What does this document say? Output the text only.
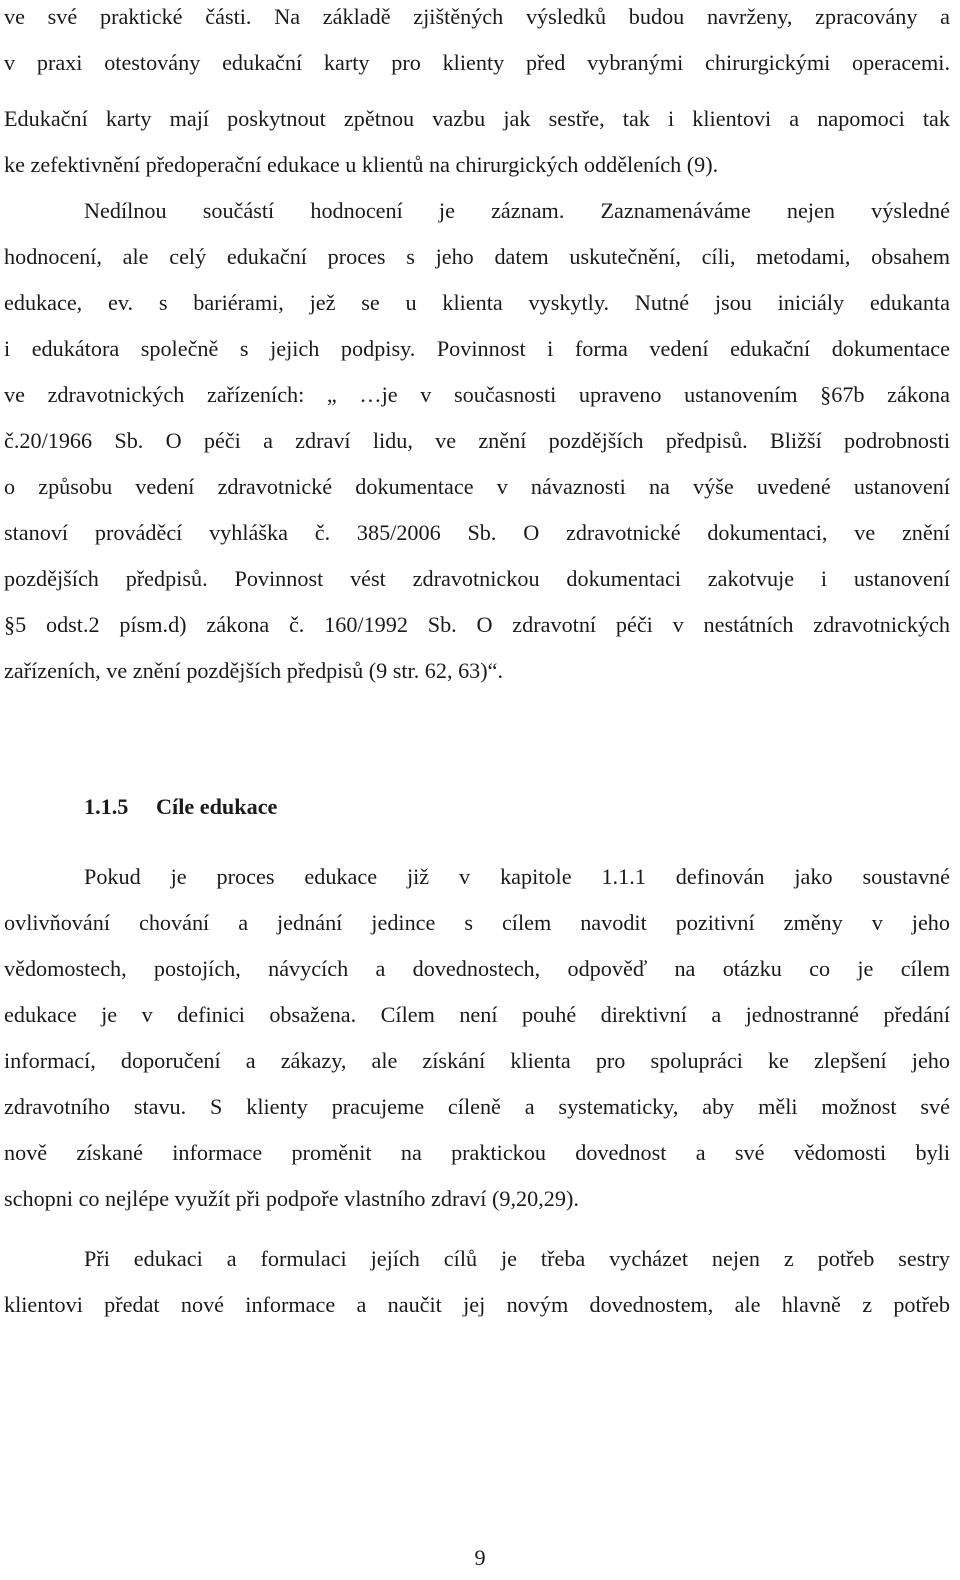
ve své praktické části. Na základě zjištěných výsledků budou navrženy, zpracovány a
v praxi otestovány edukační karty pro klienty před vybranými chirurgickými operacemi.
Edukační karty mají poskytnout zpětnou vazbu jak sestře, tak i klientovi a napomoci tak
ke zefektivnění předoperační edukace u klientů na chirurgických odděleních (9).
Nedílnou součástí hodnocení je záznam. Zaznamenáváme nejen výsledné
hodnocení, ale celý edukační proces s jeho datem uskutečnění, cíli, metodami, obsahem
edukace, ev. s bariérami, jež se u klienta vyskytly. Nutné jsou iniciály edukanta
i edukátora společně s jejich podpisy. Povinnost i forma vedení edukační dokumentace
ve zdravotnických zařízeních: „ …je v současnosti upraveno ustanovením §67b zákona
č.20/1966 Sb. O péči a zdraví lidu, ve znění pozdějších předpisů. Bližší podrobnosti
o způsobu vedení zdravotnické dokumentace v návaznosti na výše uvedené ustanovení
stanoví prováděcí vyhláška č. 385/2006 Sb. O zdravotnické dokumentaci, ve znění
pozdějších předpisů. Povinnost vést zdravotnickou dokumentaci zakotvuje i ustanovení
§5 odst.2 písm.d) zákona č. 160/1992 Sb. O zdravotní péči v nestátních zdravotnických
zařízeních, ve znění pozdějších předpisů (9 str. 62, 63)“.
1.1.5 Cíle edukace
Pokud je proces edukace již v kapitole 1.1.1 definován jako soustavné
ovlivňování chování a jednání jedince s cílem navodit pozitivní změny v jeho
vědomostech, postojích, návycích a dovednostech, odpověď na otázku co je cílem
edukace je v definici obsažena. Cílem není pouhé direktivní a jednostranné předání
informací, doporučení a zákazy, ale získání klienta pro spolupráci ke zlepšení jeho
zdravotního stavu. S klienty pracujeme cíleně a systematicky, aby měli možnost své
nově získané informace proměnit na praktickou dovednost a své vědomosti byli
schopni co nejlépe využít při podpoře vlastního zdraví (9,20,29).
Při edukaci a formulaci jejích cílů je třeba vycházet nejen z potřeb sestry
klientovi předat nové informace a naučit jej novým dovednostem, ale hlavně z potřeb
9
